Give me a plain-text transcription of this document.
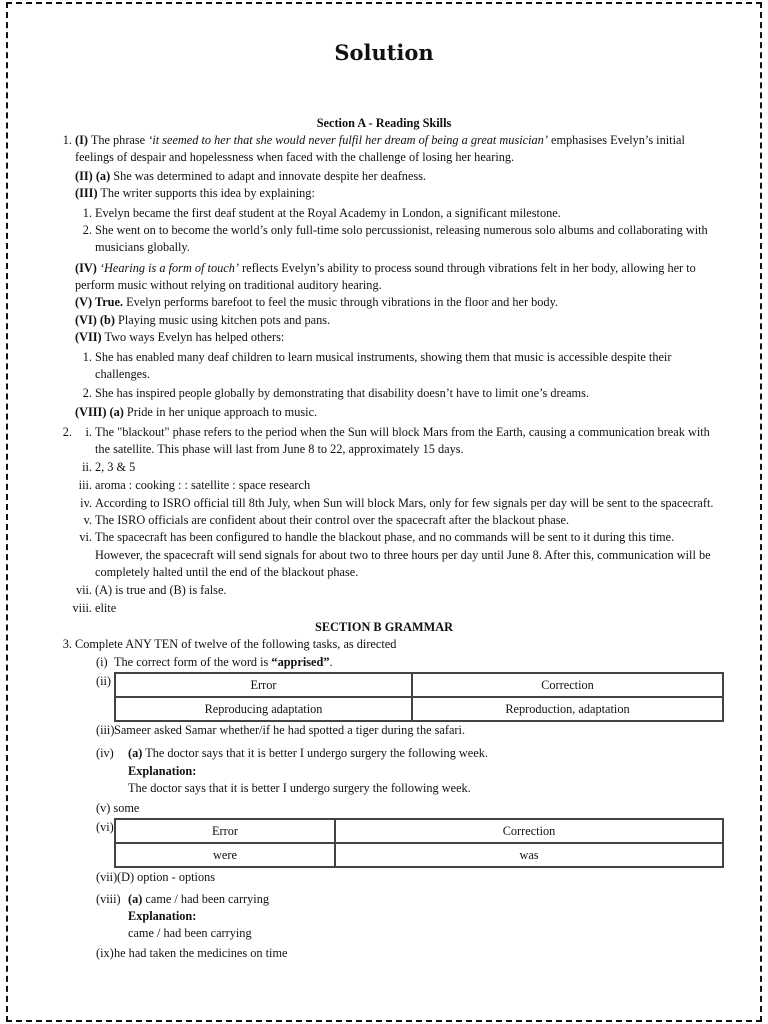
Solution
Section A - Reading Skills
1. (I) The phrase ‘it seemed to her that she would never fulfil her dream of being a great musician’ emphasises Evelyn’s initial
feelings of despair and hopelessness when faced with the challenge of losing her hearing.
(II) (a) She was determined to adapt and innovate despite her deafness.
(III) The writer supports this idea by explaining:
1. Evelyn became the first deaf student at the Royal Academy in London, a significant milestone.
2. She went on to become the world’s only full-time solo percussionist, releasing numerous solo albums and collaborating with
musicians globally.
(IV) ‘Hearing is a form of touch’ reflects Evelyn’s ability to process sound through vibrations felt in her body, allowing her to
perform music without relying on traditional auditory hearing.
(V) True. Evelyn performs barefoot to feel the music through vibrations in the floor and her body.
(VI) (b) Playing music using kitchen pots and pans.
(VII) Two ways Evelyn has helped others:
1. She has enabled many deaf children to learn musical instruments, showing them that music is accessible despite their
challenges.
2. She has inspired people globally by demonstrating that disability doesn’t have to limit one’s dreams.
(VIII) (a) Pride in her unique approach to music.
2.	i. The "blackout" phase refers to the period when the Sun will block Mars from the Earth, causing a communication break with
the satellite. This phase will last from June 8 to 22, approximately 15 days.
ii. 2, 3 & 5
iii. aroma : cooking : : satellite : space research
iv. According to ISRO official till 8th July, when Sun will block Mars, only for few signals per day will be sent to the spacecraft.
v. The ISRO officials are confident about their control over the spacecraft after the blackout phase.
vi. The spacecraft has been configured to handle the blackout phase, and no commands will be sent to it during this time.
However, the spacecraft will send signals for about two to three hours per day until June 8. After this, communication will be
completely halted until the end of the blackout phase.
vii. (A) is true and (B) is false.
viii. elite
SECTION B GRAMMAR
3. Complete ANY TEN of twelve of the following tasks, as directed
(i) The correct form of the word is “apprised”.
(ii)	Error	Correction
Reproducing adaptation	Reproduction, adaptation
(iii) Sameer asked Samar whether/if he had spotted a tiger during the safari.
(iv) (a) The doctor says that it is better I undergo surgery the following week.
Explanation:
The doctor says that it is better I undergo surgery the following week.
(v) some
(vi)	Error	Correction
were	was
(vii) (D) option - options
(viii) (a) came / had been carrying
Explanation:
came / had been carrying
(ix) he had taken the medicines on time
